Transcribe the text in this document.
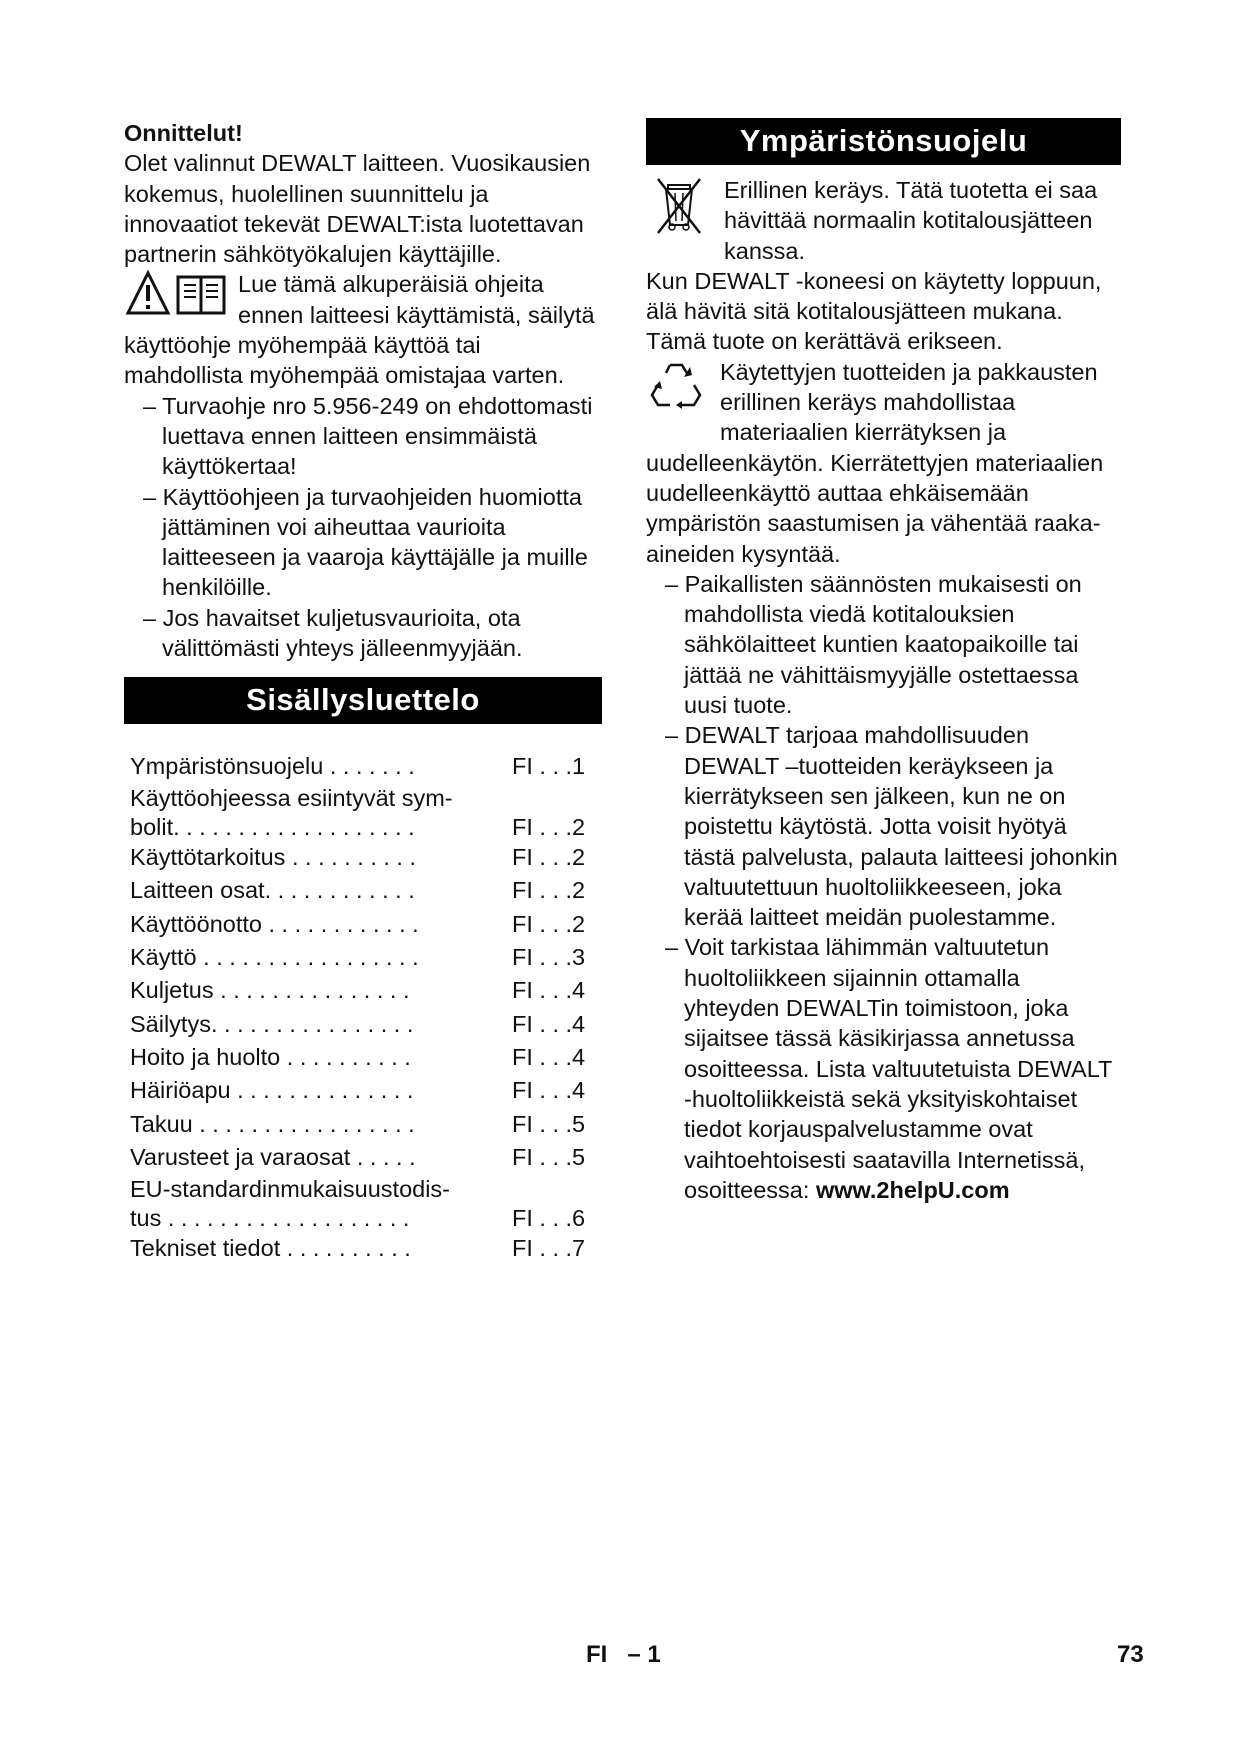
Onnittelut!

Olet valinnut DEWALT laitteen. Vuosikausien kokemus, huolellinen suunnittelu ja innovaatiot tekevät DEWALT:ista luotettavan partnerin sähkötyökalujen käyttäjille.

Lue tämä alkuperäisiä ohjeita ennen laitteesi käyttämistä, säilytä käyttöohje myöhempää käyttöä tai mahdollista myöhempää omistajaa varten.

– Turvaohje nro 5.956-249 on ehdottomasti luettava ennen laitteen ensimmäistä käyttökertaa!

– Käyttöohjeen ja turvaohjeiden huomiotta jättäminen voi aiheuttaa vaurioita laitteeseen ja vaaroja käyttäjälle ja muille henkilöille.

– Jos havaitset kuljetusvaurioita, ota välittömästi yhteys jälleenmyyjään.

Sisällysluettelo
Ympäristönsuojelu . . . . . . .	FI . . .1
Käyttöohjeessa esiintyvät sym-
bolit. . . . . . . . . . . . . . . . . . .	FI . . .2
Käyttötarkoitus . . . . . . . . . .	FI . . .2
Laitteen osat. . . . . . . . . . . .	FI . . .2
Käyttöönotto . . . . . . . . . . . .	FI . . .2
Käyttö . . . . . . . . . . . . . . . . .	FI . . .3
Kuljetus . . . . . . . . . . . . . . .	FI . . .4
Säilytys. . . . . . . . . . . . . . . .	FI . . .4
Hoito ja huolto . . . . . . . . . .	FI . . .4
Häiriöapu . . . . . . . . . . . . . .	FI . . .4
Takuu . . . . . . . . . . . . . . . . .	FI . . .5
Varusteet ja varaosat . . . . .	FI . . .5
EU-standardinmukaisuustodis-
tus . . . . . . . . . . . . . . . . . . .	FI . . .6
Tekniset tiedot . . . . . . . . . .	FI . . .7
Ympäristönsuojelu
Erillinen keräys. Tätä tuotetta ei saa hävittää normaalin kotitalousjätteen kanssa.

Kun DEWALT -koneesi on käytetty loppuun, älä hävitä sitä kotitalousjätteen mukana. Tämä tuote on kerättävä erikseen.

Käytettyjen tuotteiden ja pakkausten erillinen keräys mahdollistaa materiaalien kierrätyksen ja uudelleenkäytön. Kierrätettyjen materiaalien uudelleenkäyttö auttaa ehkäisemään ympäristön saastumisen ja vähentää raaka-aineiden kysyntää.

– Paikallisten säännösten mukaisesti on mahdollista viedä kotitalouksien sähkölaitteet kuntien kaatopaikoille tai jättää ne vähittäismyyjälle ostettaessa uusi tuote.

– DEWALT tarjoaa mahdollisuuden DEWALT –tuotteiden keräykseen ja kierrätykseen sen jälkeen, kun ne on poistettu käytöstä. Jotta voisit hyötyä tästä palvelusta, palauta laitteesi johonkin valtuutettuun huoltoliikkeeseen, joka kerää laitteet meidän puolestamme.

– Voit tarkistaa lähimmän valtuutetun huoltoliikkeen sijainnin ottamalla yhteyden DEWALTin toimistoon, joka sijaitsee tässä käsikirjassa annetussa osoitteessa. Lista valtuutetuista DEWALT -huoltoliikkeistä sekä yksityiskohtaiset tiedot korjauspalvelustamme ovat vaihtoehtoisesti saatavilla Internetissä, osoitteessa: www.2helpU.com

FI   – 1	73
